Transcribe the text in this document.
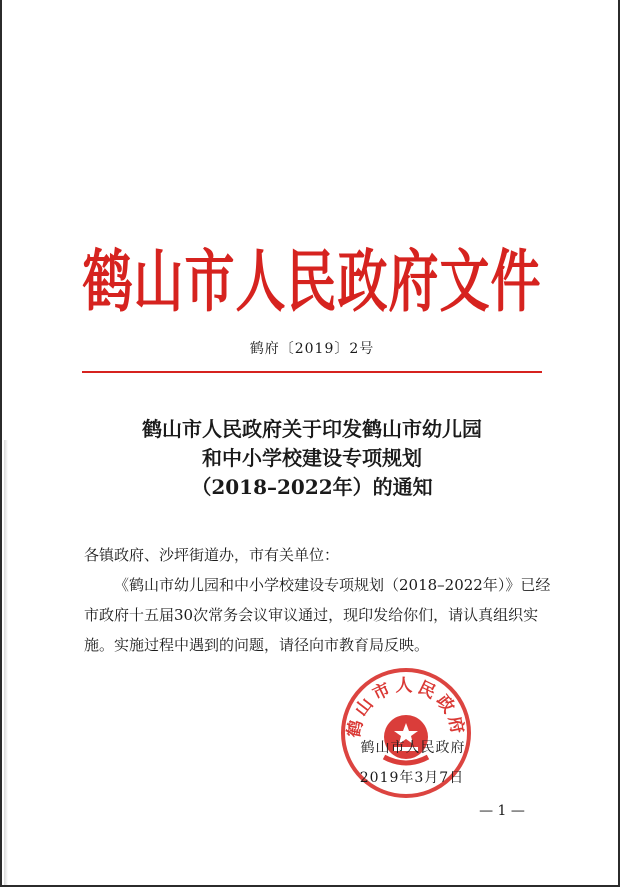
鹤山市人民政府文件
鹤府〔2019〕2号
鹤山市人民政府关于印发鹤山市幼儿园
和中小学校建设专项规划
（2018–2022年）的通知

各镇政府、沙坪街道办，市有关单位：

《鹤山市幼儿园和中小学校建设专项规划（2018–2022年）》已经市政府十五届30次常务会议审议通过，现印发给你们，请认真组织实施。实施过程中遇到的问题，请径向市教育局反映。

鹤山市人民政府
鹤山市人民政府
2019年3月7日
— 1 —
